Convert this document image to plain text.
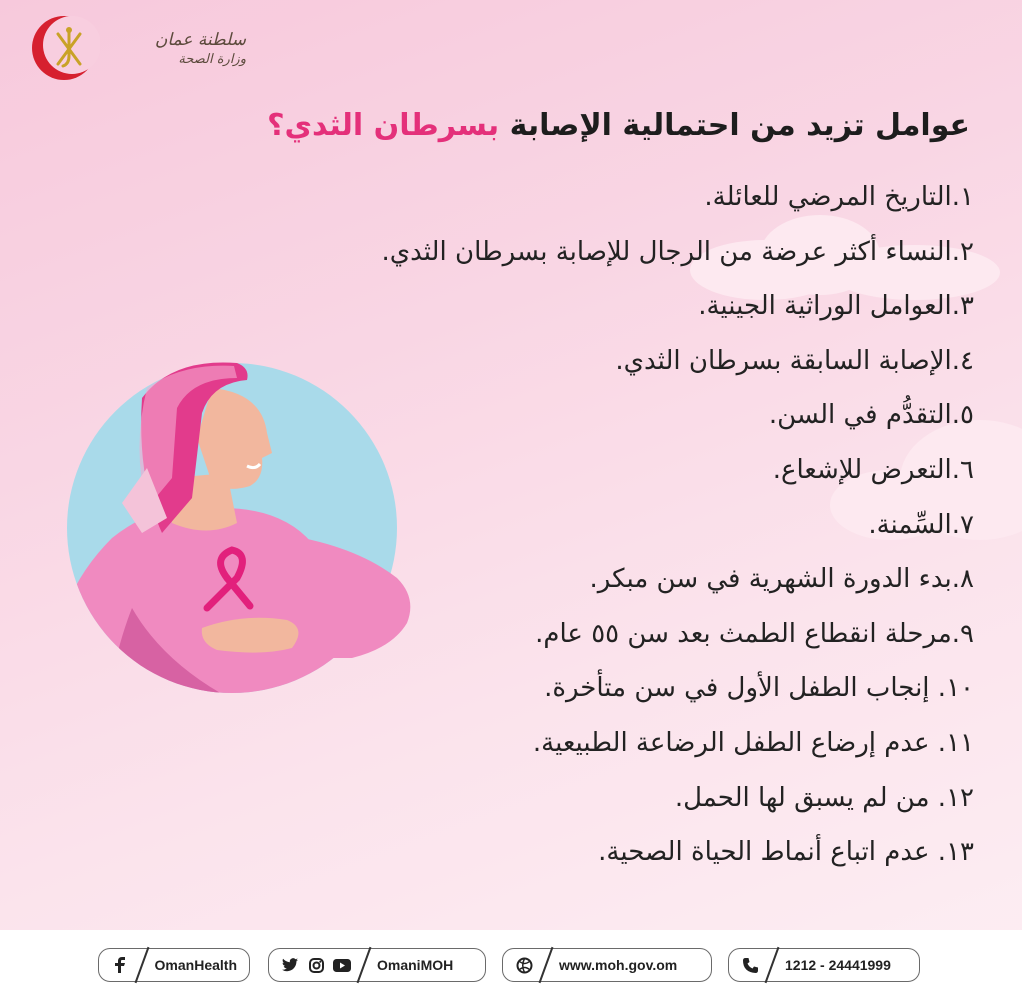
سلطنة عمان
وزارة الصحة
عوامل تزيد من احتمالية الإصابة بسرطان الثدي؟
١.التاريخ المرضي للعائلة.
٢.النساء أكثر عرضة من الرجال للإصابة بسرطان الثدي.
٣.العوامل الوراثية الجينية.
٤.الإصابة السابقة بسرطان الثدي.
٥.التقدُّم في السن.
٦.التعرض للإشعاع.
٧.السِّمنة.
٨.بدء الدورة الشهرية في سن مبكر.
٩.مرحلة انقطاع الطمث بعد سن ٥٥ عام.
١٠. إنجاب الطفل الأول في سن متأخرة.
١١. عدم إرضاع الطفل الرضاعة الطبيعية.
١٢. من لم يسبق لها الحمل.
١٣. عدم اتباع أنماط الحياة الصحية.
OmanHealth	OmaniMOH	www.moh.gov.om	1212 - 24441999
